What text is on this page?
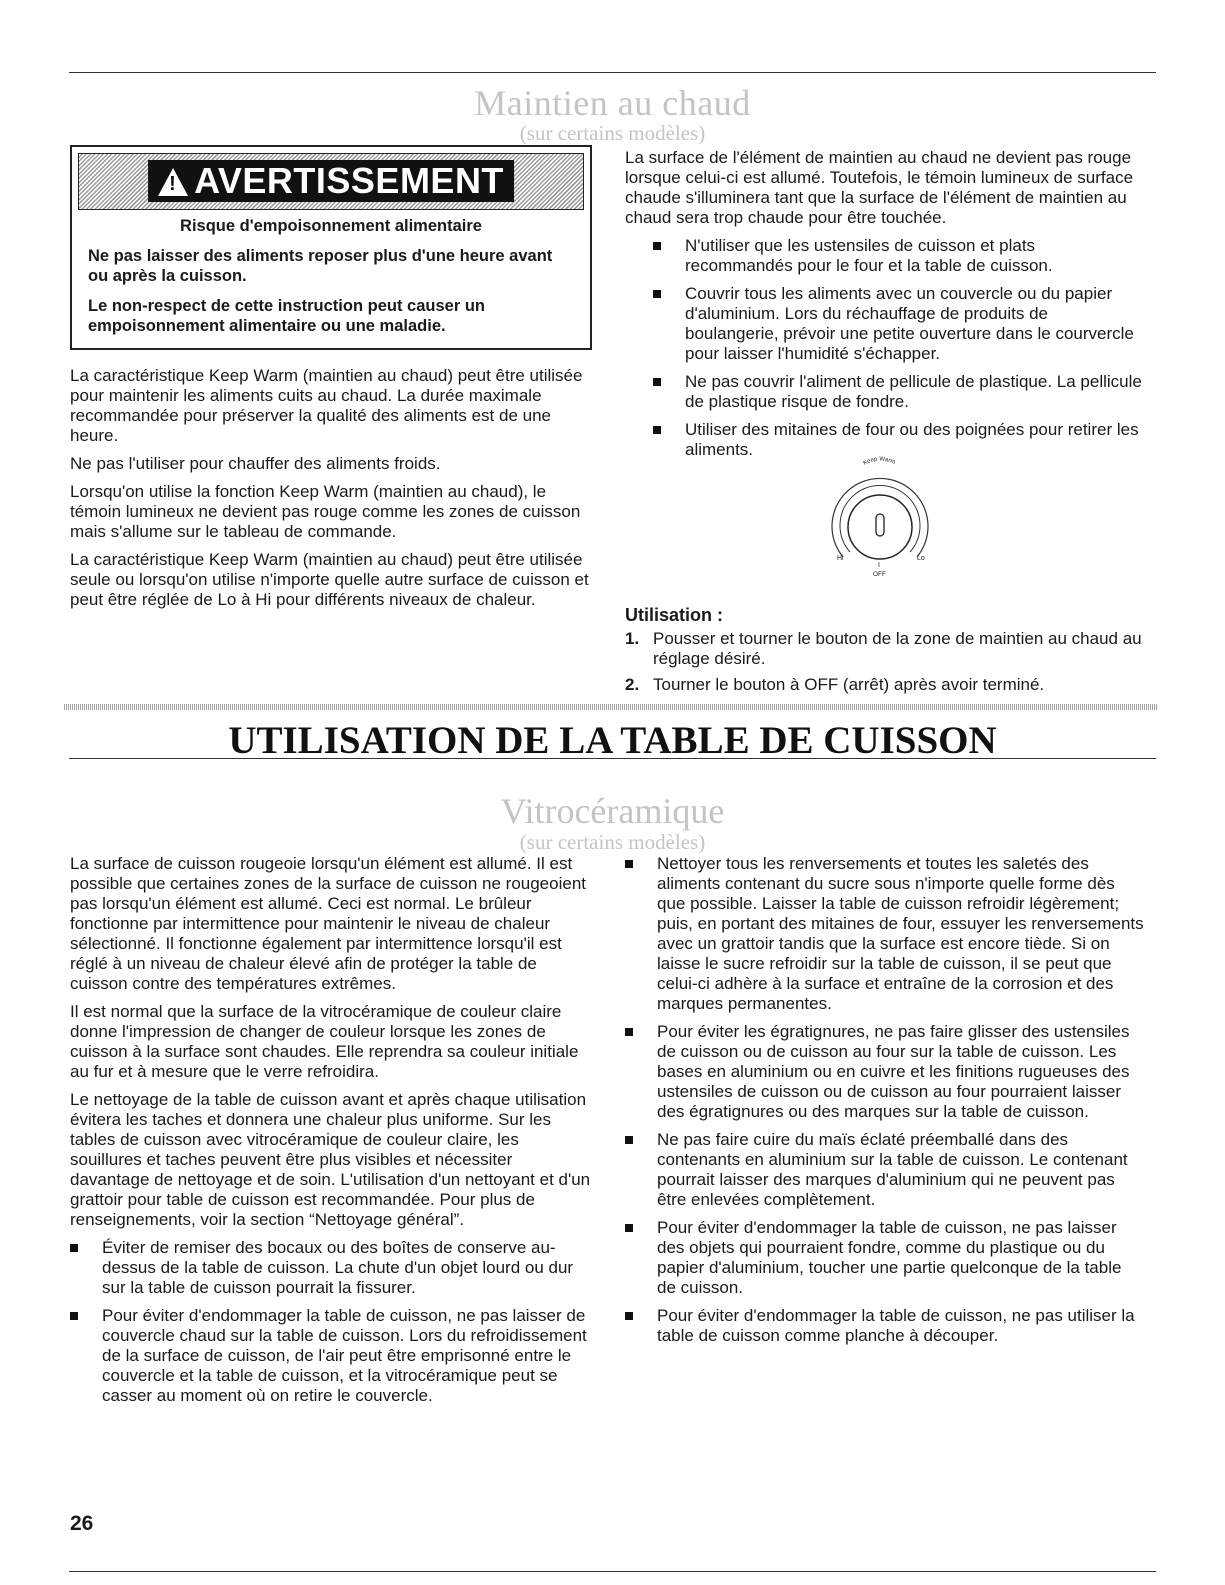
Maintien au chaud
(sur certains modèles)
!AVERTISSEMENT
Risque d'empoisonnement alimentaire

Ne pas laisser des aliments reposer plus d'une heure avant ou après la cuisson.

Le non-respect de cette instruction peut causer un empoisonnement alimentaire ou une maladie.

La caractéristique Keep Warm (maintien au chaud) peut être utilisée pour maintenir les aliments cuits au chaud. La durée maximale recommandée pour préserver la qualité des aliments est de une heure.

Ne pas l'utiliser pour chauffer des aliments froids.

Lorsqu'on utilise la fonction Keep Warm (maintien au chaud), le témoin lumineux ne devient pas rouge comme les zones de cuisson mais s'allume sur le tableau de commande.

La caractéristique Keep Warm (maintien au chaud) peut être utilisée seule ou lorsqu'on utilise n'importe quelle autre surface de cuisson et peut être réglée de Lo à Hi pour différents niveaux de chaleur.

La surface de l'élément de maintien au chaud ne devient pas rouge lorsque celui-ci est allumé. Toutefois, le témoin lumineux de surface chaude s'illuminera tant que la surface de l'élément de maintien au chaud sera trop chaude pour être touchée.

N'utiliser que les ustensiles de cuisson et plats recommandés pour le four et la table de cuisson.
Couvrir tous les aliments avec un couvercle ou du papier d'aluminium. Lors du réchauffage de produits de boulangerie, prévoir une petite ouverture dans le courvercle pour laisser l'humidité s'échapper.
Ne pas couvrir l'aliment de pellicule de plastique. La pellicule de plastique risque de fondre.
Utiliser des mitaines de four ou des poignées pour retirer les aliments.
Keep Warm
Hi	Lo
I
OFF
Utilisation :
1. Pousser et tourner le bouton de la zone de maintien au chaud au réglage désiré.
2. Tourner le bouton à OFF (arrêt) après avoir terminé.
UTILISATION DE LA TABLE DE CUISSON
Vitrocéramique
(sur certains modèles)

La surface de cuisson rougeoie lorsqu'un élément est allumé. Il est possible que certaines zones de la surface de cuisson ne rougeoient pas lorsqu'un élément est allumé. Ceci est normal. Le brûleur fonctionne par intermittence pour maintenir le niveau de chaleur sélectionné. Il fonctionne également par intermittence lorsqu'il est réglé à un niveau de chaleur élevé afin de protéger la table de cuisson contre des températures extrêmes.

Il est normal que la surface de la vitrocéramique de couleur claire donne l'impression de changer de couleur lorsque les zones de cuisson à la surface sont chaudes. Elle reprendra sa couleur initiale au fur et à mesure que le verre refroidira.

Le nettoyage de la table de cuisson avant et après chaque utilisation évitera les taches et donnera une chaleur plus uniforme. Sur les tables de cuisson avec vitrocéramique de couleur claire, les souillures et taches peuvent être plus visibles et nécessiter davantage de nettoyage et de soin. L'utilisation d'un nettoyant et d'un grattoir pour table de cuisson est recommandée. Pour plus de renseignements, voir la section “Nettoyage général”.

Éviter de remiser des bocaux ou des boîtes de conserve au-dessus de la table de cuisson. La chute d'un objet lourd ou dur sur la table de cuisson pourrait la fissurer.
Pour éviter d'endommager la table de cuisson, ne pas laisser de couvercle chaud sur la table de cuisson. Lors du refroidissement de la surface de cuisson, de l'air peut être emprisonné entre le couvercle et la table de cuisson, et la vitrocéramique peut se casser au moment où on retire le couvercle.
Nettoyer tous les renversements et toutes les saletés des aliments contenant du sucre sous n'importe quelle forme dès que possible. Laisser la table de cuisson refroidir légèrement; puis, en portant des mitaines de four, essuyer les renversements avec un grattoir tandis que la surface est encore tiède. Si on laisse le sucre refroidir sur la table de cuisson, il se peut que celui-ci adhère à la surface et entraîne de la corrosion et des marques permanentes.
Pour éviter les égratignures, ne pas faire glisser des ustensiles de cuisson ou de cuisson au four sur la table de cuisson. Les bases en aluminium ou en cuivre et les finitions rugueuses des ustensiles de cuisson ou de cuisson au four pourraient laisser des égratignures ou des marques sur la table de cuisson.
Ne pas faire cuire du maïs éclaté préemballé dans des contenants en aluminium sur la table de cuisson. Le contenant pourrait laisser des marques d'aluminium qui ne peuvent pas être enlevées complètement.
Pour éviter d'endommager la table de cuisson, ne pas laisser des objets qui pourraient fondre, comme du plastique ou du papier d'aluminium, toucher une partie quelconque de la table de cuisson.
Pour éviter d'endommager la table de cuisson, ne pas utiliser la table de cuisson comme planche à découper.
26
